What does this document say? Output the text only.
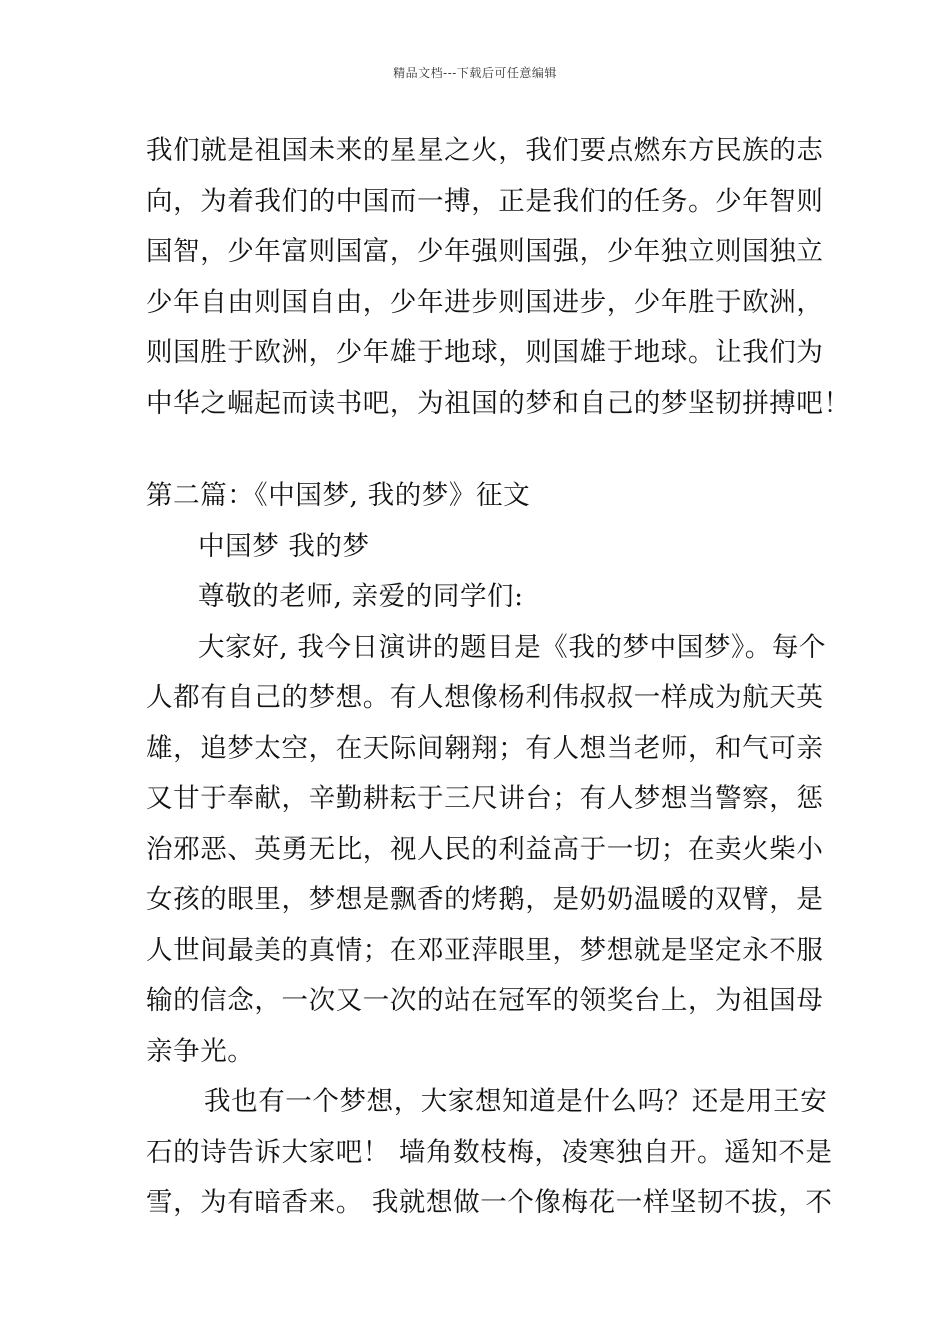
精品文档---下载后可任意编辑
我们就是祖国未来的星星之火，我们要点燃东方民族的志
向，为着我们的中国而一搏，正是我们的任务。少年智则
国智，少年富则国富，少年强则国强，少年独立则国独立
少年自由则国自由，少年进步则国进步，少年胜于欧洲，
则国胜于欧洲，少年雄于地球，则国雄于地球。让我们为
中华之崛起而读书吧，为祖国的梦和自己的梦坚韧拼搏吧！
第二篇：《中国梦, 我的梦》征文
中国梦 我的梦
尊敬的老师, 亲爱的同学们:
大家好, 我今日演讲的题目是《我的梦中国梦》。每个
人都有自己的梦想。有人想像杨利伟叔叔一样成为航天英
雄，追梦太空，在天际间翱翔；有人想当老师，和气可亲
又甘于奉献，辛勤耕耘于三尺讲台；有人梦想当警察，惩
治邪恶、英勇无比，视人民的利益高于一切；在卖火柴小
女孩的眼里，梦想是飘香的烤鹅，是奶奶温暖的双臂，是
人世间最美的真情；在邓亚萍眼里，梦想就是坚定永不服
输的信念，一次又一次的站在冠军的领奖台上，为祖国母
亲争光。
我也有一个梦想，大家想知道是什么吗？还是用王安
石的诗告诉大家吧！ 墙角数枝梅，凌寒独自开。遥知不是
雪，为有暗香来。 我就想做一个像梅花一样坚韧不拔，不
